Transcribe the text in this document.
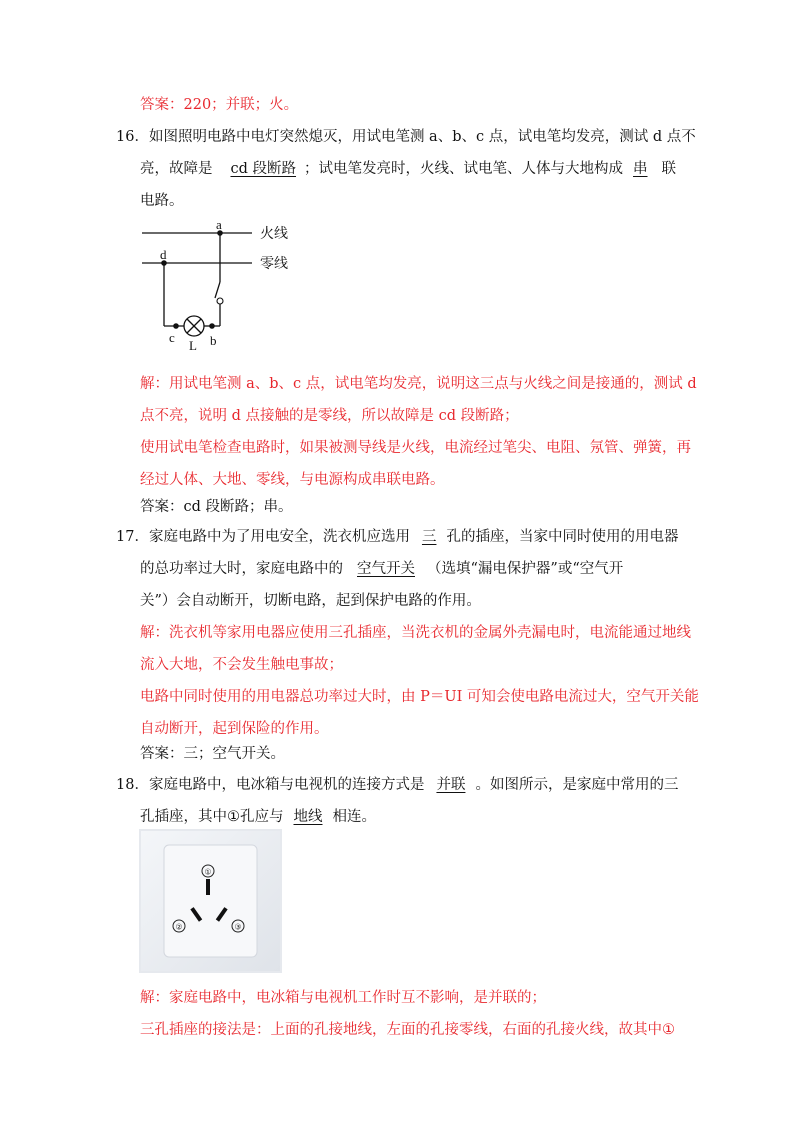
答案：220；并联；火。
16．如图照明电路中电灯突然熄灭，用试电笔测 a、b、c 点，试电笔均发亮，测试 d 点不
亮，故障是 cd 段断路 ；试电笔发亮时，火线、试电笔、人体与大地构成 串 联
电路。
火线
零线
a
d
c	b
L
解：用试电笔测 a、b、c 点，试电笔均发亮，说明这三点与火线之间是接通的，测试 d
点不亮，说明 d 点接触的是零线，所以故障是 cd 段断路；
使用试电笔检查电路时，如果被测导线是火线，电流经过笔尖、电阻、氖管、弹簧，再
经过人体、大地、零线，与电源构成串联电路。
答案：cd 段断路；串。
17．家庭电路中为了用电安全，洗衣机应选用 三 孔的插座，当家中同时使用的用电器
的总功率过大时，家庭电路中的 空气开关 （选填“漏电保护器”或“空气开
关”）会自动断开，切断电路，起到保护电路的作用。
解：洗衣机等家用电器应使用三孔插座，当洗衣机的金属外壳漏电时，电流能通过地线
流入大地，不会发生触电事故；
电路中同时使用的用电器总功率过大时，由 P＝UI 可知会使电路电流过大，空气开关能
自动断开，起到保险的作用。
答案：三；空气开关。
18．家庭电路中，电冰箱与电视机的连接方式是 并联 。如图所示，是家庭中常用的三
孔插座，其中①孔应与 地线 相连。
①
②	③
解：家庭电路中，电冰箱与电视机工作时互不影响，是并联的；
三孔插座的接法是：上面的孔接地线，左面的孔接零线，右面的孔接火线，故其中①
